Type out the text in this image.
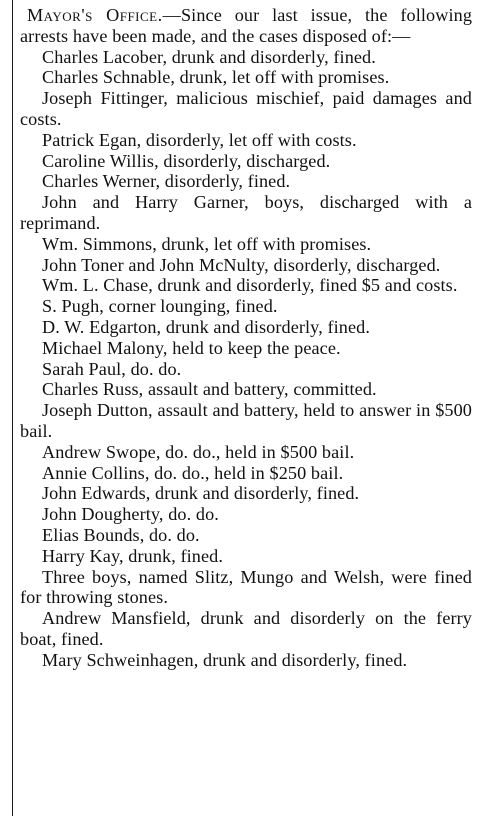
Mayor's Office.—Since our last issue, the following arrests have been made, and the cases disposed of:—

Charles Lacober, drunk and disorderly, fined.

Charles Schnable, drunk, let off with promises.

Joseph Fittinger, malicious mischief, paid damages and costs.

Patrick Egan, disorderly, let off with costs.

Caroline Willis, disorderly, discharged.

Charles Werner, disorderly, fined.

John and Harry Garner, boys, discharged with a reprimand.

Wm. Simmons, drunk, let off with promises.

John Toner and John McNulty, disorderly, discharged.

Wm. L. Chase, drunk and disorderly, fined $5 and costs.

S. Pugh, corner lounging, fined.

D. W. Edgarton, drunk and disorderly, fined.

Michael Malony, held to keep the peace.

Sarah Paul, do. do.

Charles Russ, assault and battery, committed.

Joseph Dutton, assault and battery, held to answer in $500 bail.

Andrew Swope, do. do., held in $500 bail.

Annie Collins, do. do., held in $250 bail.

John Edwards, drunk and disorderly, fined.

John Dougherty, do. do.

Elias Bounds, do. do.

Harry Kay, drunk, fined.

Three boys, named Slitz, Mungo and Welsh, were fined for throwing stones.

Andrew Mansfield, drunk and disorderly on the ferry boat, fined.

Mary Schweinhagen, drunk and disorderly, fined.
